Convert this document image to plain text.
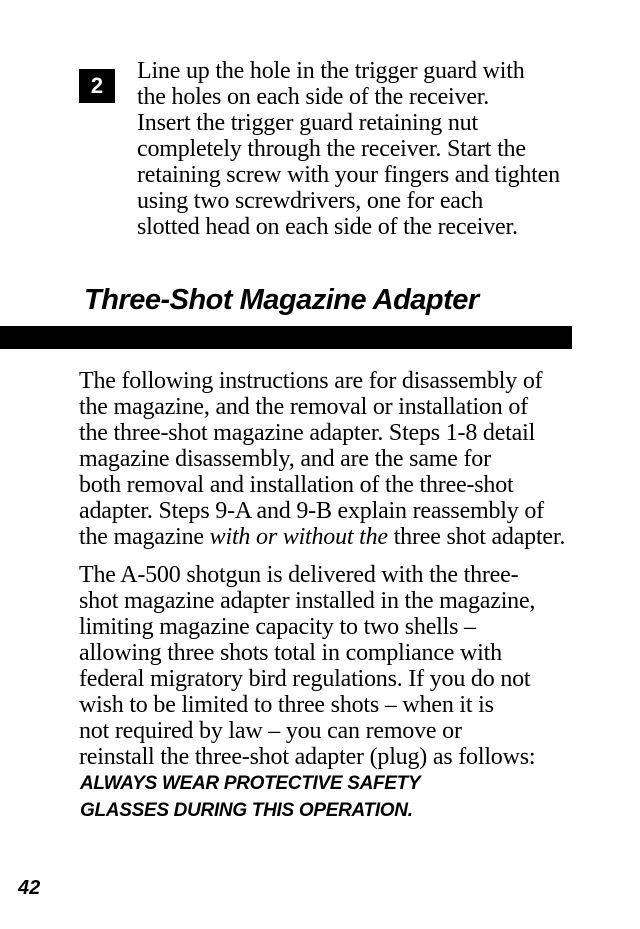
2
Line up the hole in the trigger guard with
the holes on each side of the receiver.
Insert the trigger guard retaining nut
completely through the receiver. Start the
retaining screw with your fingers and tighten
using two screwdrivers, one for each
slotted head on each side of the receiver.
Three-Shot Magazine Adapter
The following instructions are for disassembly of
the magazine, and the removal or installation of
the three-shot magazine adapter. Steps 1-8 detail
magazine disassembly, and are the same for
both removal and installation of the three-shot
adapter. Steps 9-A and 9-B explain reassembly of
the magazine with or without the three shot adapter.
The A-500 shotgun is delivered with the three-
shot magazine adapter installed in the magazine,
limiting magazine capacity to two shells –
allowing three shots total in compliance with
federal migratory bird regulations. If you do not
wish to be limited to three shots – when it is
not required by law – you can remove or
reinstall the three-shot adapter (plug) as follows:
ALWAYS WEAR PROTECTIVE SAFETY
GLASSES DURING THIS OPERATION.
42
